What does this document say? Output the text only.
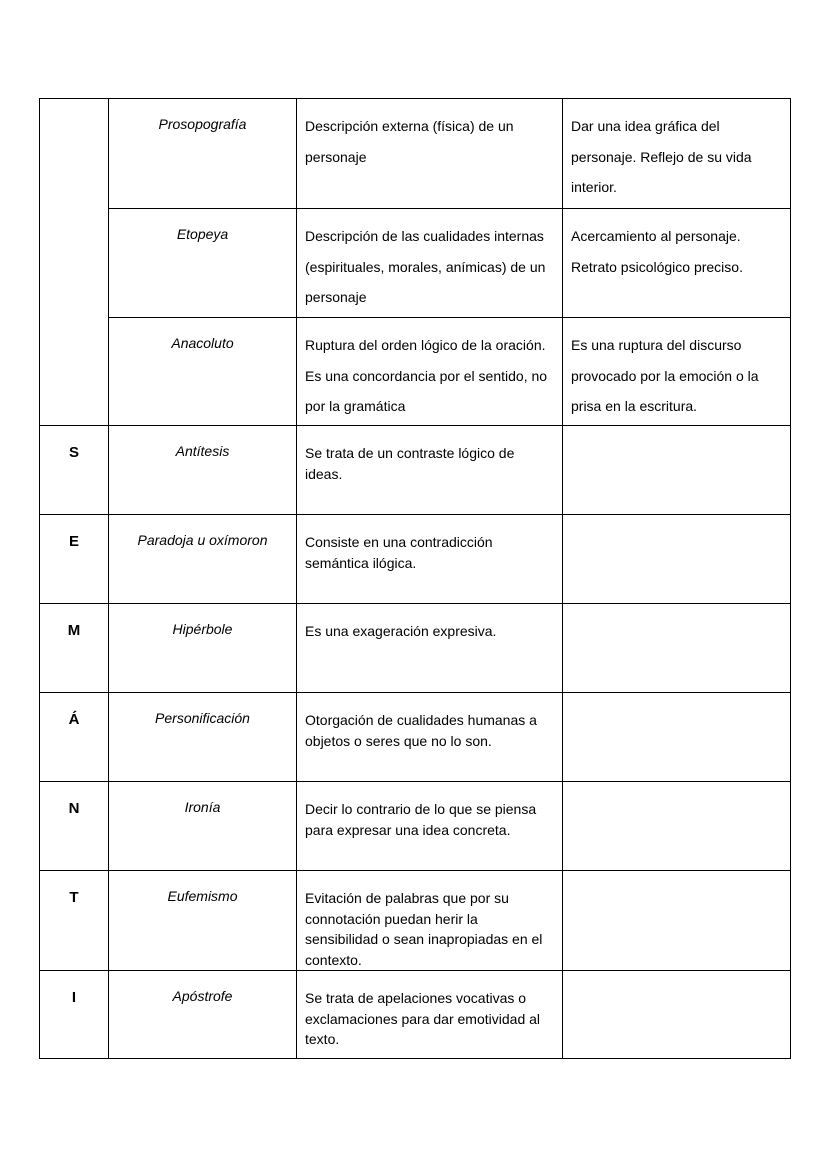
	Prosopografía	Descripción externa (física) de un personaje	Dar una idea gráfica del personaje. Reflejo de su vida interior.
	Etopeya	Descripción de las cualidades internas (espirituales, morales, anímicas) de un personaje	Acercamiento al personaje. Retrato psicológico preciso.
	Anacoluto	Ruptura del orden lógico de la oración. Es una concordancia por el sentido, no por la gramática	Es una ruptura del discurso provocado por la emoción o la prisa en la escritura.
S	Antítesis	Se trata de un contraste lógico de ideas.	
E	Paradoja u oxímoron	Consiste en una contradicción semántica ilógica.	
M	Hipérbole	Es una exageración expresiva.	
Á	Personificación	Otorgación de cualidades humanas a objetos o seres que no lo son.	
N	Ironía	Decir lo contrario de lo que se piensa para expresar una idea concreta.	
T	Eufemismo	Evitación de palabras que por su connotación puedan herir la sensibilidad o sean inapropiadas en el contexto.	
I	Apóstrofe	Se trata de apelaciones vocativas o exclamaciones para dar emotividad al texto.	
